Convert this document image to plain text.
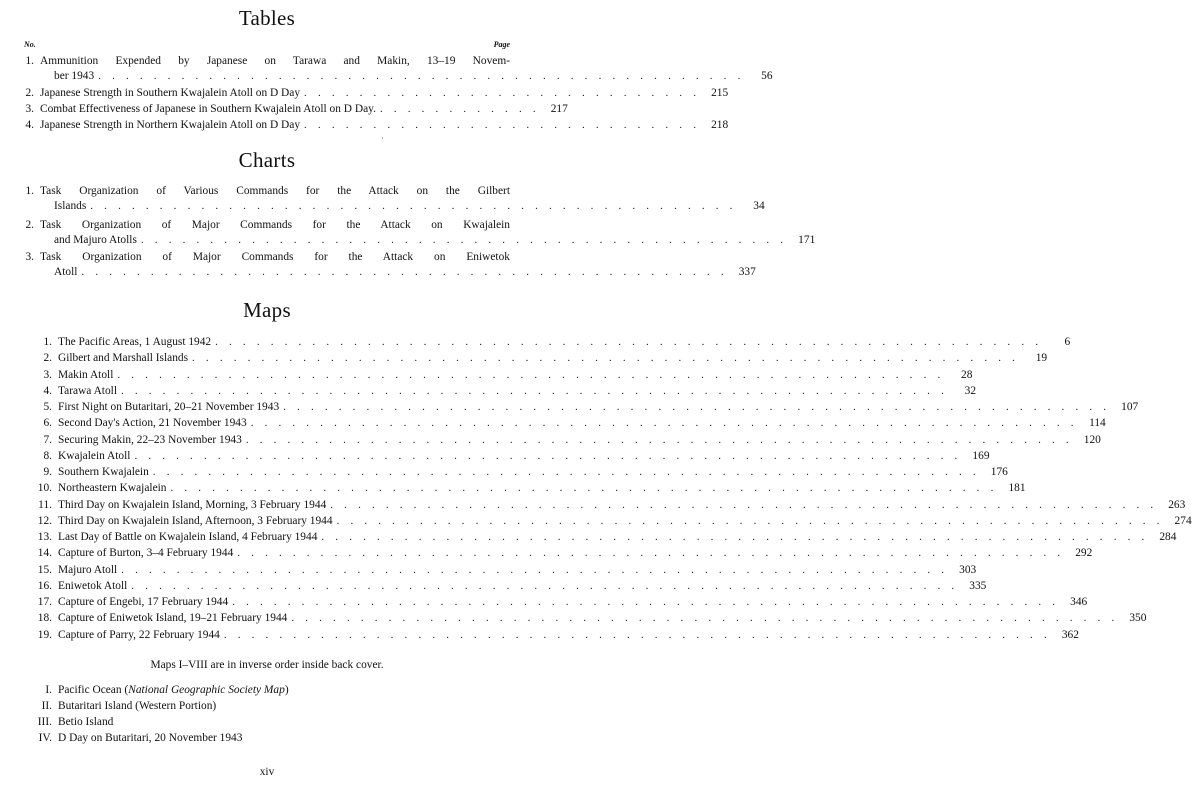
Tables
No.	Page
1. Ammunition Expended by Japanese on Tarawa and Makin, 13–19 Novem-
ber 1943 . . . . . . . . . . . . . . . . . . . . . . . . . . . . . . . . . . . . . . . . . . . . . . .	56
2. Japanese Strength in Southern Kwajalein Atoll on D Day . . . . . . . . . . . . . . . . . . . . . . . . . . . . . 215
3. Combat Effectiveness of Japanese in Southern Kwajalein Atoll on D Day. . . . . . . . . . . . . 217
4. Japanese Strength in Northern Kwajalein Atoll on D Day . . . . . . . . . . . . . . . . . . . . . . . . . . . . . 218
·
Charts
1. Task Organization of Various Commands for the Attack on the Gilbert
Islands . . . . . . . . . . . . . . . . . . . . . . . . . . . . . . . . . . . . . . . . . . . . . . .	34
2. Task Organization of Major Commands for the Attack on Kwajalein
and Majuro Atolls . . . . . . . . . . . . . . . . . . . . . . . . . . . . . . . . . . . . . . . . . . . . . . . 171
3. Task Organization of Major Commands for the Attack on Eniwetok
Atoll . . . . . . . . . . . . . . . . . . . . . . . . . . . . . . . . . . . . . . . . . . . . . . . 337
Maps
1. The Pacific Areas, 1 August 1942 . . . . . . . . . . . . . . . . . . . . . . . . . . . . . . . . . . . . . . . . . . . . . . . . . . . . . . . . . . . .	6
2. Gilbert and Marshall Islands . . . . . . . . . . . . . . . . . . . . . . . . . . . . . . . . . . . . . . . . . . . . . . . . . . . . . . . . . . . .	19
3. Makin Atoll . . . . . . . . . . . . . . . . . . . . . . . . . . . . . . . . . . . . . . . . . . . . . . . . . . . . . . . . . . . .	28
4. Tarawa Atoll . . . . . . . . . . . . . . . . . . . . . . . . . . . . . . . . . . . . . . . . . . . . . . . . . . . . . . . . . . . .	32
5. First Night on Butaritari, 20–21 November 1943 . . . . . . . . . . . . . . . . . . . . . . . . . . . . . . . . . . . . . . . . . . . . . . . . . . . . . . . . . . . . 107
6. Second Day's Action, 21 November 1943 . . . . . . . . . . . . . . . . . . . . . . . . . . . . . . . . . . . . . . . . . . . . . . . . . . . . . . . . . . . . 114
7. Securing Makin, 22–23 November 1943 . . . . . . . . . . . . . . . . . . . . . . . . . . . . . . . . . . . . . . . . . . . . . . . . . . . . . . . . . . . . 120
8. Kwajalein Atoll . . . . . . . . . . . . . . . . . . . . . . . . . . . . . . . . . . . . . . . . . . . . . . . . . . . . . . . . . . . . 169
9. Southern Kwajalein . . . . . . . . . . . . . . . . . . . . . . . . . . . . . . . . . . . . . . . . . . . . . . . . . . . . . . . . . . . . 176
10. Northeastern Kwajalein . . . . . . . . . . . . . . . . . . . . . . . . . . . . . . . . . . . . . . . . . . . . . . . . . . . . . . . . . . . . 181
11. Third Day on Kwajalein Island, Morning, 3 February 1944 . . . . . . . . . . . . . . . . . . . . . . . . . . . . . . . . . . . . . . . . . . . . . . . . . . . . . . . . . . . . 263
12. Third Day on Kwajalein Island, Afternoon, 3 February 1944 . . . . . . . . . . . . . . . . . . . . . . . . . . . . . . . . . . . . . . . . . . . . . . . . . . . . . . . . . . . . 274
13. Last Day of Battle on Kwajalein Island, 4 February 1944 . . . . . . . . . . . . . . . . . . . . . . . . . . . . . . . . . . . . . . . . . . . . . . . . . . . . . . . . . . . . 284
14. Capture of Burton, 3–4 February 1944 . . . . . . . . . . . . . . . . . . . . . . . . . . . . . . . . . . . . . . . . . . . . . . . . . . . . . . . . . . . . 292
15. Majuro Atoll . . . . . . . . . . . . . . . . . . . . . . . . . . . . . . . . . . . . . . . . . . . . . . . . . . . . . . . . . . . . 303
16. Eniwetok Atoll . . . . . . . . . . . . . . . . . . . . . . . . . . . . . . . . . . . . . . . . . . . . . . . . . . . . . . . . . . . . 335
17. Capture of Engebi, 17 February 1944 . . . . . . . . . . . . . . . . . . . . . . . . . . . . . . . . . . . . . . . . . . . . . . . . . . . . . . . . . . . . 346
18. Capture of Eniwetok Island, 19–21 February 1944 . . . . . . . . . . . . . . . . . . . . . . . . . . . . . . . . . . . . . . . . . . . . . . . . . . . . . . . . . . . . 350
19. Capture of Parry, 22 February 1944 . . . . . . . . . . . . . . . . . . . . . . . . . . . . . . . . . . . . . . . . . . . . . . . . . . . . . . . . . . . . 362
Maps I–VIII are in inverse order inside back cover.
I. Pacific Ocean (National Geographic Society Map)
II. Butaritari Island (Western Portion)
III. Betio Island
IV. D Day on Butaritari, 20 November 1943
xiv
